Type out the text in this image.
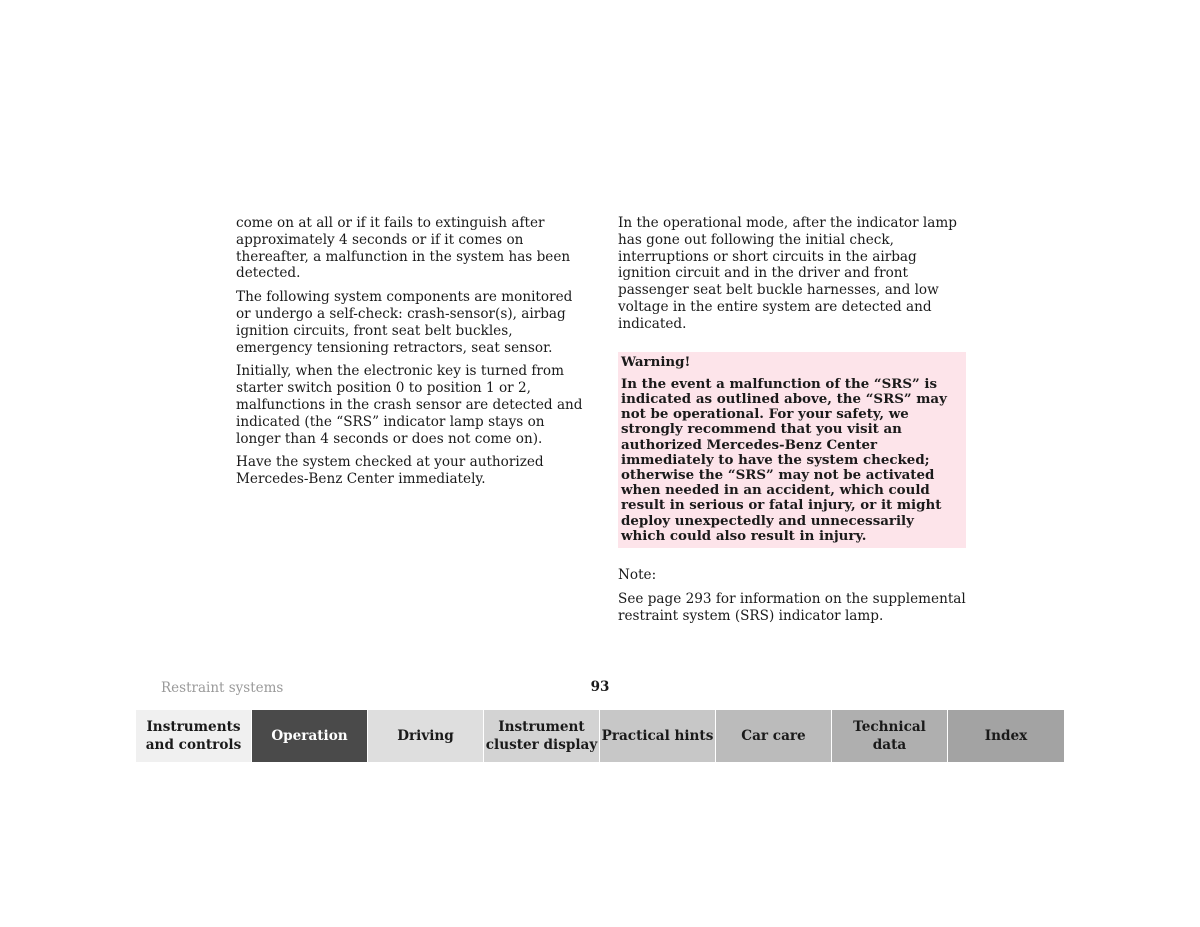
come on at all or if it fails to extinguish after approximately 4 seconds or if it comes on thereafter, a malfunction in the system has been detected.

The following system components are monitored or undergo a self-check: crash-sensor(s), airbag ignition circuits, front seat belt buckles, emergency tensioning retractors, seat sensor.

Initially, when the electronic key is turned from starter switch position 0 to position 1 or 2, malfunctions in the crash sensor are detected and indicated (the “SRS” indicator lamp stays on longer than 4 seconds or does not come on).

Have the system checked at your authorized Mercedes-Benz Center immediately.

In the operational mode, after the indicator lamp has gone out following the initial check, interruptions or short circuits in the airbag ignition circuit and in the driver and front passenger seat belt buckle harnesses, and low voltage in the entire system are detected and indicated.

Warning!

In the event a malfunction of the “SRS” is indicated as outlined above, the “SRS” may not be operational. For your safety, we strongly recommend that you visit an authorized Mercedes-Benz Center immediately to have the system checked; otherwise the “SRS” may not be activated when needed in an accident, which could result in serious or fatal injury, or it might deploy unexpectedly and unnecessarily which could also result in injury.

Note:

See page 293 for information on the supplemental restraint system (SRS) indicator lamp.

Restraint systems	93
Instruments
and controls
Operation	Driving
Instrument
cluster display
Practical hints Car care
Technical
data
Index
